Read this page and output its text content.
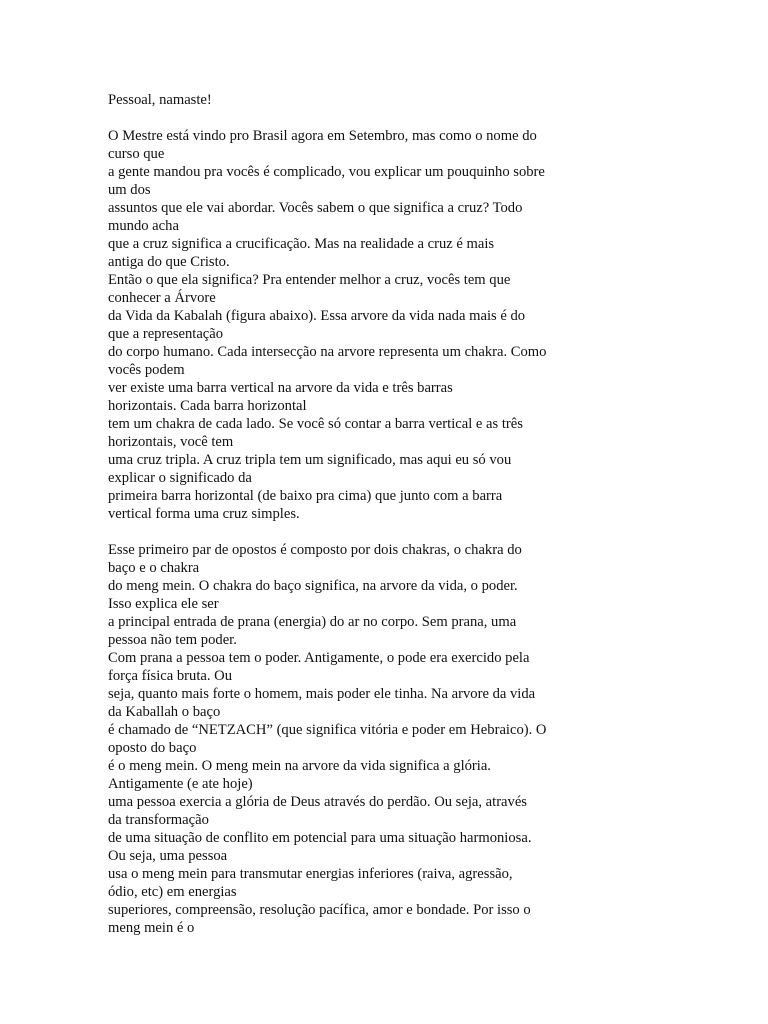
Pessoal, namaste!

O Mestre está vindo pro Brasil agora em Setembro, mas como o nome do
curso que
a gente mandou pra vocês é complicado, vou explicar um pouquinho sobre
um dos
assuntos que ele vai abordar. Vocês sabem o que significa a cruz? Todo
mundo acha
que a cruz significa a crucificação. Mas na realidade a cruz é mais
antiga do que Cristo.
Então o que ela significa? Pra entender melhor a cruz, vocês tem que
conhecer a Árvore
da Vida da Kabalah (figura abaixo). Essa arvore da vida nada mais é do
que a representação
do corpo humano. Cada intersecção na arvore representa um chakra. Como
vocês podem
ver existe uma barra vertical na arvore da vida e três barras
horizontais. Cada barra horizontal
tem um chakra de cada lado. Se você só contar a barra vertical e as três
horizontais, você tem
uma cruz tripla. A cruz tripla tem um significado, mas aqui eu só vou
explicar o significado da
primeira barra horizontal (de baixo pra cima) que junto com a barra
vertical forma uma cruz simples.

Esse primeiro par de opostos é composto por dois chakras, o chakra do
baço e o chakra
do meng mein. O chakra do baço significa, na arvore da vida, o poder.
Isso explica ele ser
a principal entrada de prana (energia) do ar no corpo. Sem prana, uma
pessoa não tem poder.
Com prana a pessoa tem o poder. Antigamente, o pode era exercido pela
força física bruta. Ou
seja, quanto mais forte o homem, mais poder ele tinha. Na arvore da vida
da Kaballah o baço
é chamado de “NETZACH” (que significa vitória e poder em Hebraico). O
oposto do baço
é o meng mein. O meng mein na arvore da vida significa a glória.
Antigamente (e ate hoje)
uma pessoa exercia a glória de Deus através do perdão. Ou seja, através
da transformação
de uma situação de conflito em potencial para uma situação harmoniosa.
Ou seja, uma pessoa
usa o meng mein para transmutar energias inferiores (raiva, agressão,
ódio, etc) em energias
superiores, compreensão, resolução pacífica, amor e bondade. Por isso o
meng mein é o
